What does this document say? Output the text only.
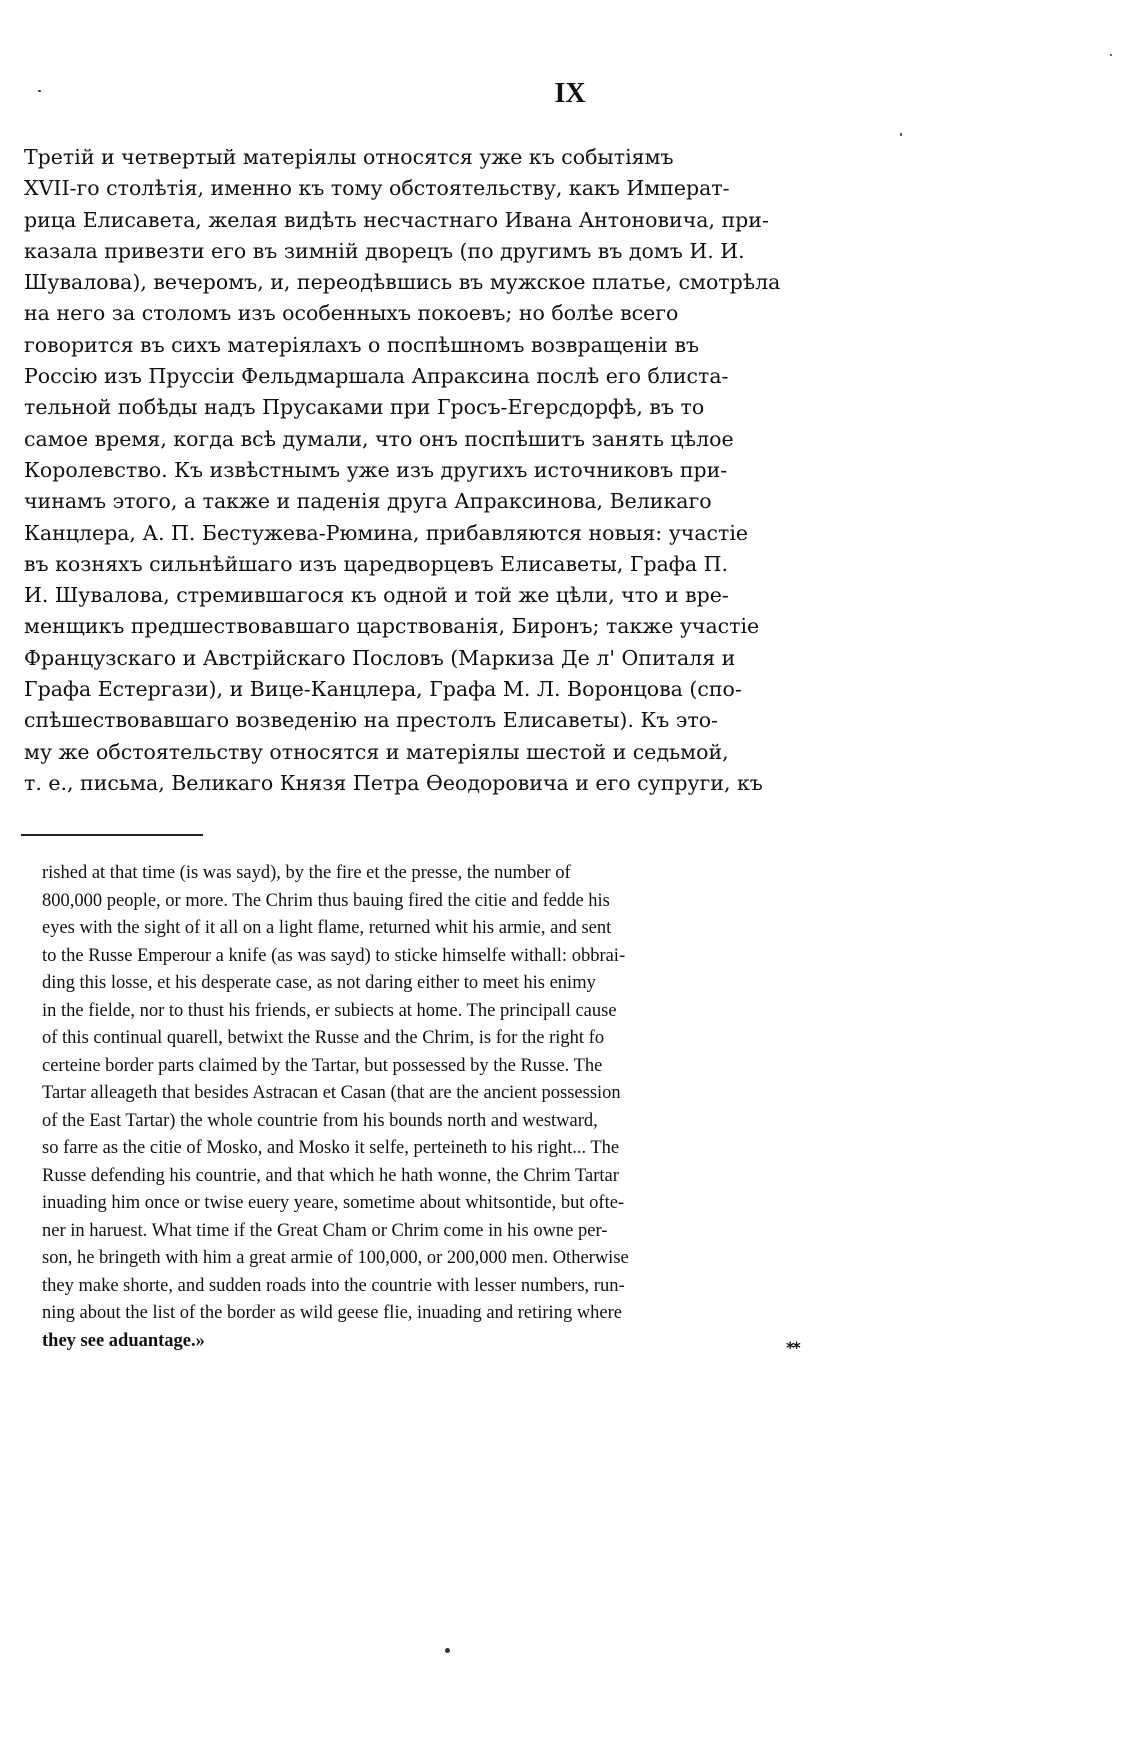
IX
Третій и четвертый матеріялы относятся уже къ событіямъ
XVII-го столѣтія, именно къ тому обстоятельству, какъ Императ-
рица Елисавета, желая видѣть несчастнаго Ивана Антоновича, при-
казала привезти его въ зимній дворецъ (по другимъ въ домъ И. И.
Шувалова), вечеромъ, и, переодѣвшись въ мужское платье, смотрѣла
на него за столомъ изъ особенныхъ покоевъ; но болѣе всего
говорится въ сихъ матеріялахъ о поспѣшномъ возвращеніи въ
Россію изъ Пруссіи Фельдмаршала Апраксина послѣ его блиста-
тельной побѣды надъ Прусаками при Гросъ-Егерсдорфѣ, въ то
самое время, когда всѣ думали, что онъ поспѣшитъ занять цѣлое
Королевство. Къ извѣстнымъ уже изъ другихъ источниковъ при-
чинамъ этого, а также и паденія друга Апраксинова, Великаго
Канцлера, А. П. Бестужева-Рюмина, прибавляются новыя: участіе
въ козняхъ сильнѣйшаго изъ царедворцевъ Елисаветы, Графа П.
И. Шувалова, стремившагося къ одной и той же цѣли, что и вре-
менщикъ предшествовавшаго царствованія, Биронъ; также участіе
Французскаго и Австрійскаго Пословъ (Маркиза Де л' Опиталя и
Графа Естергази), и Вице-Канцлера, Графа М. Л. Воронцова (спо-
спѣшествовавшаго возведенію на престолъ Елисаветы). Къ это-
му же обстоятельству относятся и матеріялы шестой и седьмой,
т. е., письма, Великаго Князя Петра Өеодоровича и его супруги, къ
rished at that time (is was sayd), by the fire et the presse, the number of
800,000 people, or more. The Chrim thus bauing fired the citie and fedde his
eyes with the sight of it all on a light flame, returned whit his armie, and sent
to the Russe Emperour a knife (as was sayd) to sticke himselfe withall: obbrai-
ding this losse, et his desperate case, as not daring either to meet his enimy
in the fielde, nor to thust his friends, er subiects at home. The principall cause
of this continual quarell, betwixt the Russe and the Chrim, is for the right fo
certeine border parts claimed by the Tartar, but possessed by the Russe. The
Tartar alleageth that besides Astracan et Casan (that are the ancient possession
of the East Tartar) the whole countrie from his bounds north and westward,
so farre as the citie of Mosko, and Mosko it selfe, perteineth to his right... The
Russe defending his countrie, and that which he hath wonne, the Chrim Tartar
inuading him once or twise euery yeare, sometime about whitsontide, but ofte-
ner in haruest. What time if the Great Cham or Chrim come in his owne per-
son, he bringeth with him a great armie of 100,000, or 200,000 men. Otherwise
they make shorte, and sudden roads into the countrie with lesser numbers, run-
ning about the list of the border as wild geese flie, inuading and retiring where
they see aduantage.»	**
